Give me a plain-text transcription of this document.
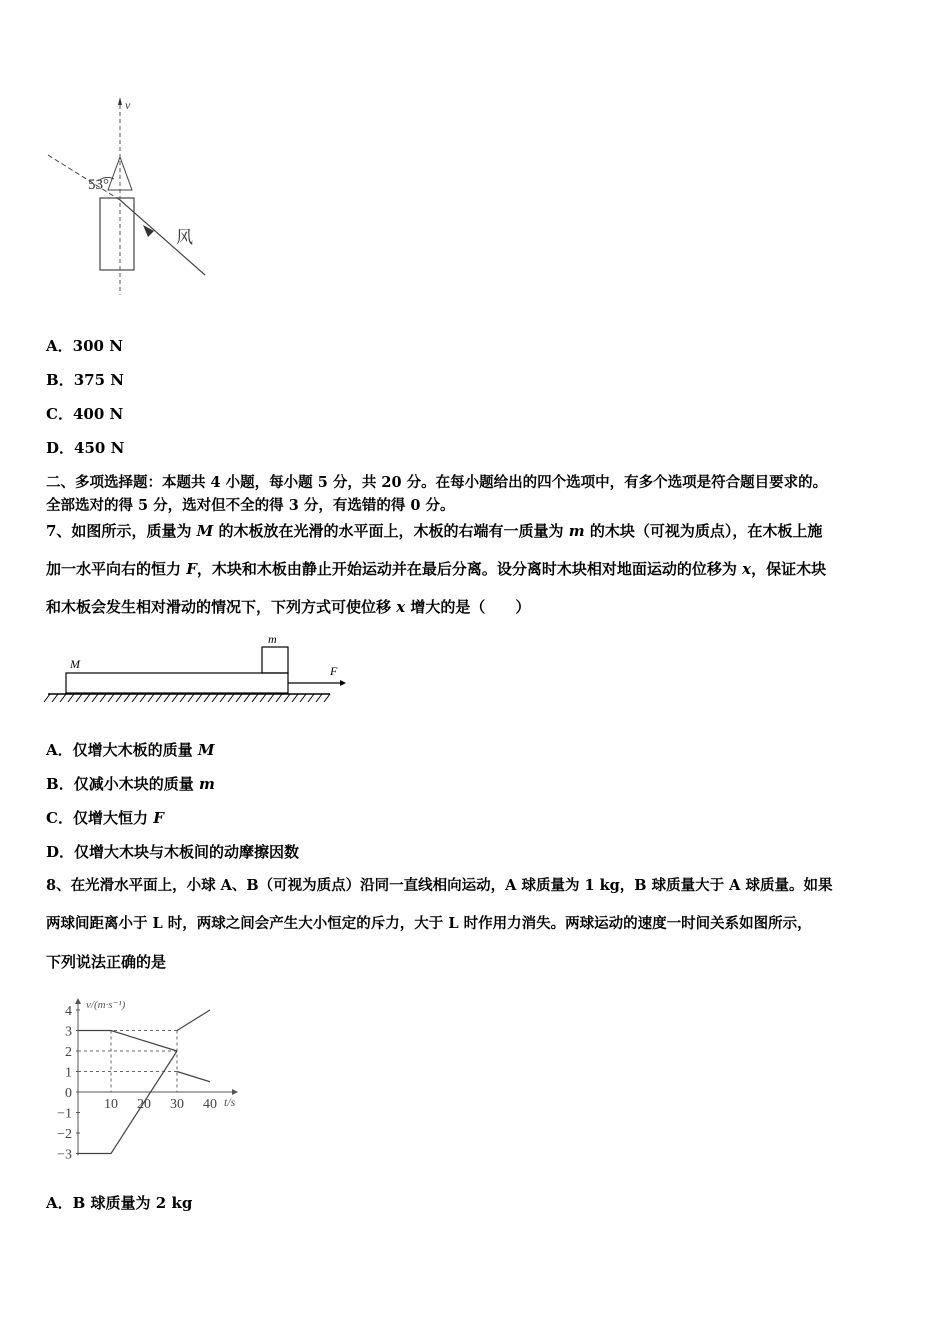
v
53°
风
A．300 N
B．375 N
C．400 N
D．450 N
二、多项选择题：本题共 4 小题，每小题 5 分，共 20 分。在每小题给出的四个选项中，有多个选项是符合题目要求的。
全部选对的得 5 分，选对但不全的得 3 分，有选错的得 0 分。
7、如图所示，质量为 M 的木板放在光滑的水平面上，木板的右端有一质量为 m 的木块（可视为质点），在木板上施
加一水平向右的恒力 F，木块和木板由静止开始运动并在最后分离。设分离时木块相对地面运动的位移为 x，保证木块
和木板会发生相对滑动的情况下，下列方式可使位移 x 增大的是（　　）
m
M	F
A．仅增大木板的质量 M
B．仅减小木块的质量 m
C．仅增大恒力 F
D．仅增大木块与木板间的动摩擦因数
8、在光滑水平面上，小球 A、B（可视为质点）沿同一直线相向运动，A 球质量为 1 kg，B 球质量大于 A 球质量。如果
两球间距离小于 L 时，两球之间会产生大小恒定的斥力，大于 L 时作用力消失。两球运动的速度一时间关系如图所示，
下列说法正确的是
v/(m·s⁻¹)
t/s
4
3
2
1
0
−1
−2
−3
10 20 30 40
A．B 球质量为 2 kg
